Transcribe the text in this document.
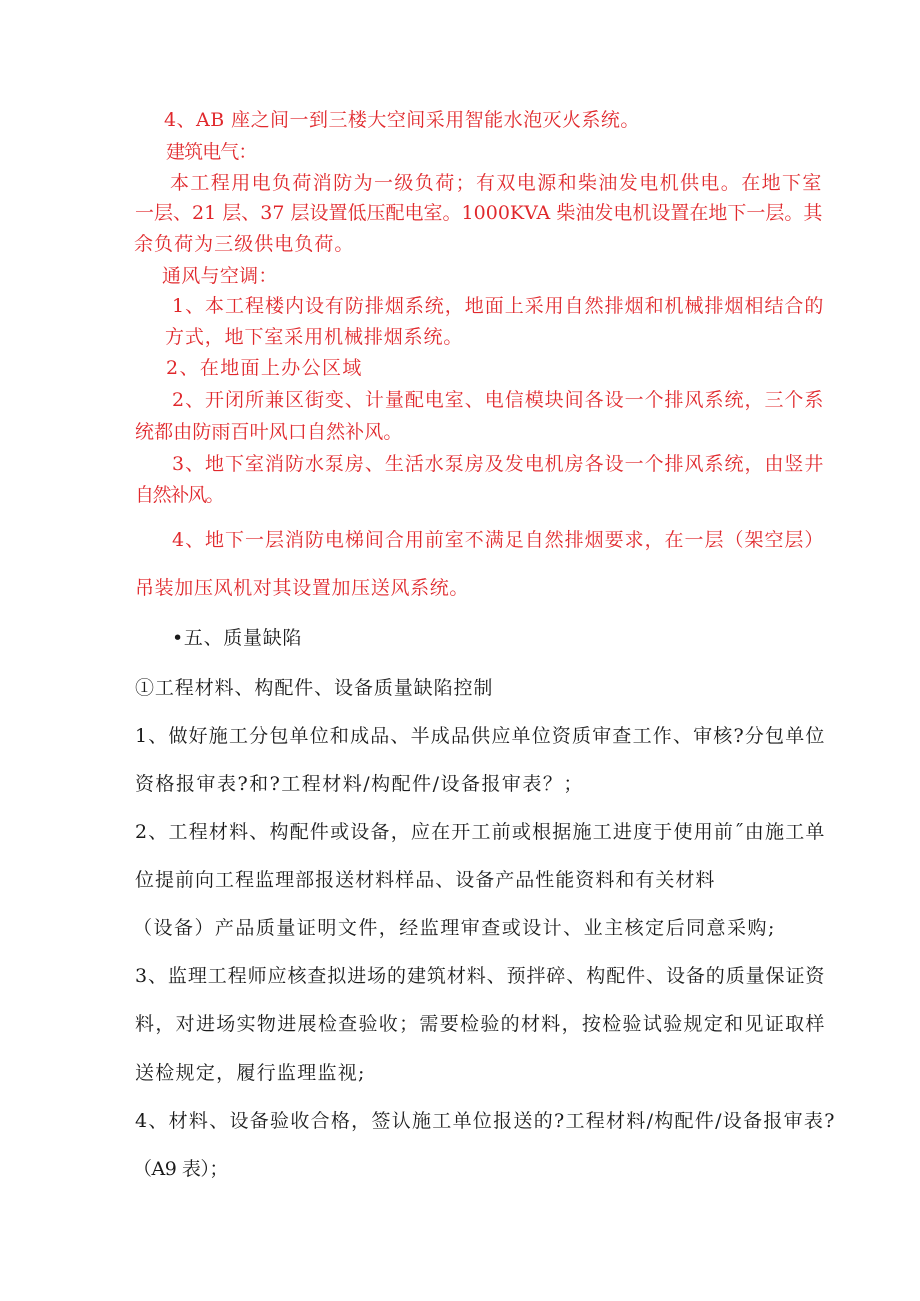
4、AB 座之间一到三楼大空间采用智能水泡灭火系统。
建筑电气：
本工程用电负荷消防为一级负荷；有双电源和柴油发电机供电。在地下室
一层、21 层、37 层设置低压配电室。1000KVA 柴油发电机设置在地下一层。其
余负荷为三级供电负荷。
通风与空调：
1、本工程楼内设有防排烟系统，地面上采用自然排烟和机械排烟相结合的
方式，地下室采用机械排烟系统。
2、在地面上办公区域
2、开闭所兼区街变、计量配电室、电信模块间各设一个排风系统，三个系
统都由防雨百叶风口自然补风。
3、地下室消防水泵房、生活水泵房及发电机房各设一个排风系统，由竖井
自然补风。
4、地下一层消防电梯间合用前室不满足自然排烟要求，在一层（架空层）
吊装加压风机对其设置加压送风系统。
•五、质量缺陷
①工程材料、构配件、设备质量缺陷控制
1、做好施工分包单位和成品、半成品供应单位资质审查工作、审核?分包单位
资格报审表?和?工程材料/构配件/设备报审表？；
2、工程材料、构配件或设备，应在开工前或根据施工进度于使用前˝由施工单
位提前向工程监理部报送材料样品、设备产品性能资料和有关材料
（设备）产品质量证明文件，经监理审查或设计、业主核定后同意采购;
3、监理工程师应核查拟进场的建筑材料、预拌碎、构配件、设备的质量保证资
料，对进场实物进展检查验收；需要检验的材料，按检验试验规定和见证取样
送检规定，履行监理监视;
4、材料、设备验收合格，签认施工单位报送的?工程材料/构配件/设备报审表?
（A9 表）；
